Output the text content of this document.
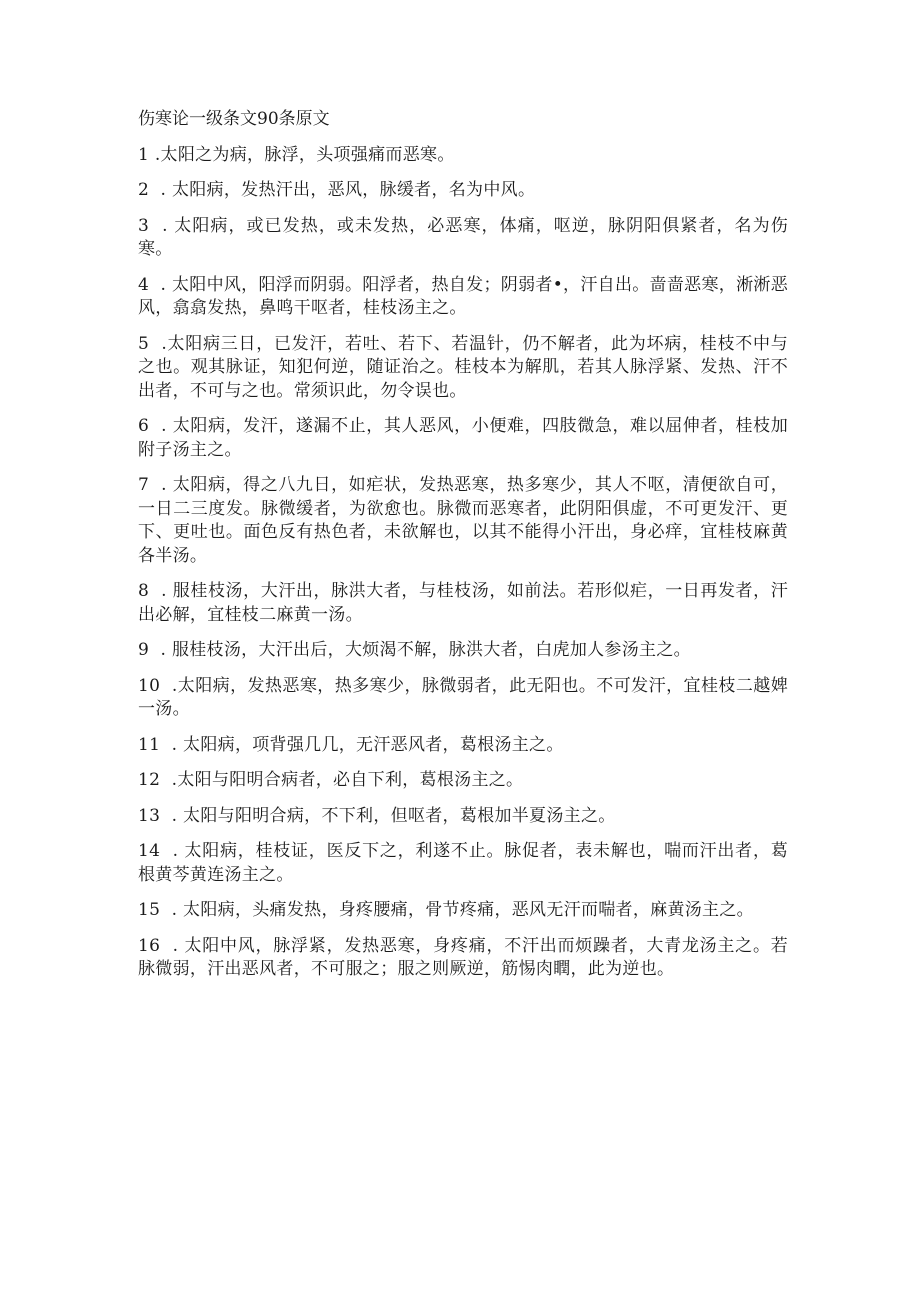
伤寒论一级条文90条原文

1 .太阳之为病，脉浮，头项强痛而恶寒。

2  . 太阳病，发热汗出，恶风，脉缓者，名为中风。

3  . 太阳病，或已发热，或未发热，必恶寒，体痛，呕逆，脉阴阳俱紧者，名为伤寒。

4  . 太阳中风，阳浮而阴弱。阳浮者，热自发；阴弱者•，汗自出。啬啬恶寒，淅淅恶风，翕翕发热，鼻鸣干呕者，桂枝汤主之。

5  .太阳病三日，已发汗，若吐、若下、若温针，仍不解者，此为坏病，桂枝不中与之也。观其脉证，知犯何逆，随证治之。桂枝本为解肌，若其人脉浮紧、发热、汗不出者，不可与之也。常须识此，勿令误也。

6  . 太阳病，发汗，遂漏不止，其人恶风，小便难，四肢微急，难以屈伸者，桂枝加附子汤主之。

7  . 太阳病，得之八九日，如疟状，发热恶寒，热多寒少，其人不呕，清便欲自可，一日二三度发。脉微缓者，为欲愈也。脉微而恶寒者，此阴阳俱虚，不可更发汗、更下、更吐也。面色反有热色者，未欲解也，以其不能得小汗出，身必痒，宜桂枝麻黄各半汤。

8  . 服桂枝汤，大汗出，脉洪大者，与桂枝汤，如前法。若形似疟，一日再发者，汗出必解，宜桂枝二麻黄一汤。

9  . 服桂枝汤，大汗出后，大烦渴不解，脉洪大者，白虎加人参汤主之。

10  .太阳病，发热恶寒，热多寒少，脉微弱者，此无阳也。不可发汗，宜桂枝二越婢一汤。

11  . 太阳病，项背强几几，无汗恶风者，葛根汤主之。

12  .太阳与阳明合病者，必自下利，葛根汤主之。

13  . 太阳与阳明合病，不下利，但呕者，葛根加半夏汤主之。

14  . 太阳病，桂枝证，医反下之，利遂不止。脉促者，表未解也，喘而汗出者，葛根黄芩黄连汤主之。

15  . 太阳病，头痛发热，身疼腰痛，骨节疼痛，恶风无汗而喘者，麻黄汤主之。

16  . 太阳中风，脉浮紧，发热恶寒，身疼痛，不汗出而烦躁者，大青龙汤主之。若脉微弱，汗出恶风者，不可服之；服之则厥逆，筋惕肉瞤，此为逆也。
